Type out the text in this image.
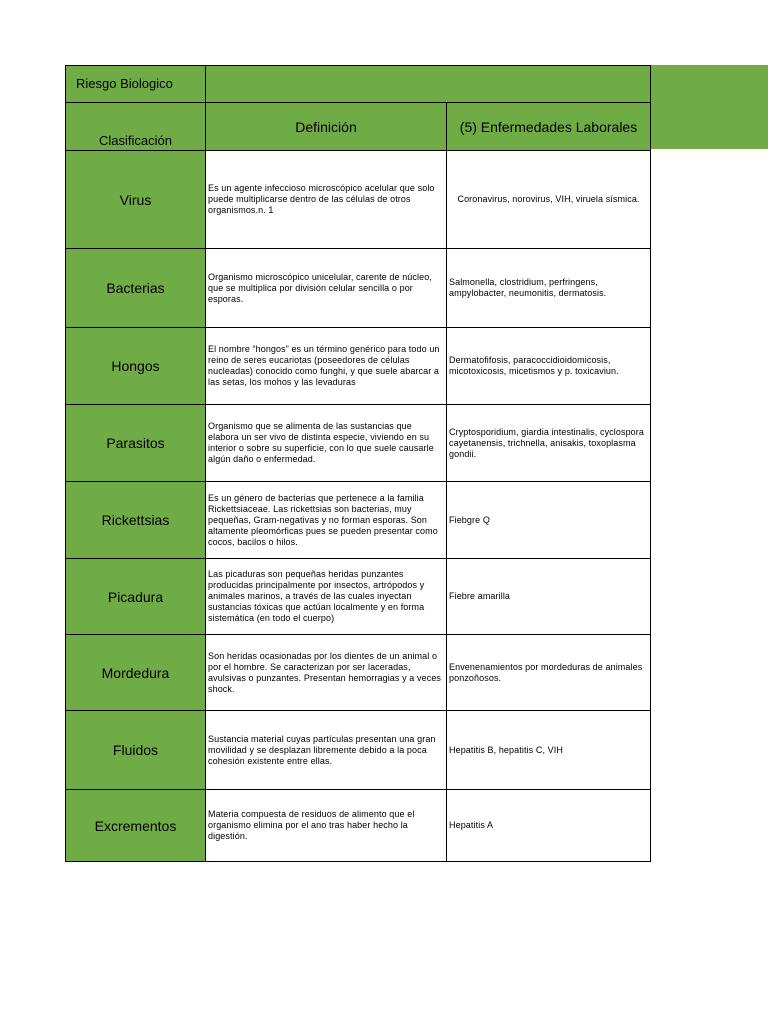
Riesgo Biologico		
Clasificación	Definición	(5) Enfermedades Laborales
Virus	Es un agente infeccioso microscópico acelular que solo puede multiplicarse dentro de las células de otros organismos.n. 1	Coronavirus, norovirus, VIH, viruela sísmica.
Bacterias	Organismo microscópico unicelular, carente de núcleo, que se multiplica por división celular sencilla o por esporas.	Salmonella, clostridium, perfringens, ampylobacter, neumonitis, dermatosis.
Hongos	El nombre “hongos” es un término genérico para todo un reino de seres eucariotas (poseedores de células nucleadas) conocido como funghi, y que suele abarcar a las setas, los mohos y las levaduras	Dermatofifosis, paracoccidioidomicosis, micotoxicosis, micetismos y p. toxicaviun.
Parasitos	Organismo que se alimenta de las sustancias que elabora un ser vivo de distinta especie, viviendo en su interior o sobre su superficie, con lo que suele causarle algún daño o enfermedad.	Cryptosporidium, giardia intestinalis, cyclospora cayetanensis, trichnella, anisakis, toxoplasma gondii.
Rickettsias	Es un género de bacterias que pertenece a la familia Rickettsiaceae. Las rickettsias son bacterias, muy pequeñas, Gram-negativas y no forman esporas. Son altamente pleomórficas pues se pueden presentar como cocos, bacilos o hilos.	Fiebgre Q
Picadura	Las picaduras son pequeñas heridas punzantes producidas principalmente por insectos, artrópodos y animales marinos, a través de las cuales inyectan sustancias tóxicas que actúan localmente y en forma sistemática (en todo el cuerpo)	Fiebre amarilla
Mordedura	Son heridas ocasionadas por los dientes de un animal o por el hombre. Se caracterizan por ser laceradas, avulsivas o punzantes. Presentan hemorragias y a veces shock.	Envenenamientos por mordeduras de animales ponzoñosos.
Fluidos	Sustancia material cuyas partículas presentan una gran movilidad y se desplazan libremente debido a la poca cohesión existente entre ellas.	Hepatitis B, hepatitis C, VIH
Excrementos	Materia compuesta de residuos de alimento que el organismo elimina por el ano tras haber hecho la digestión.	Hepatitis A
